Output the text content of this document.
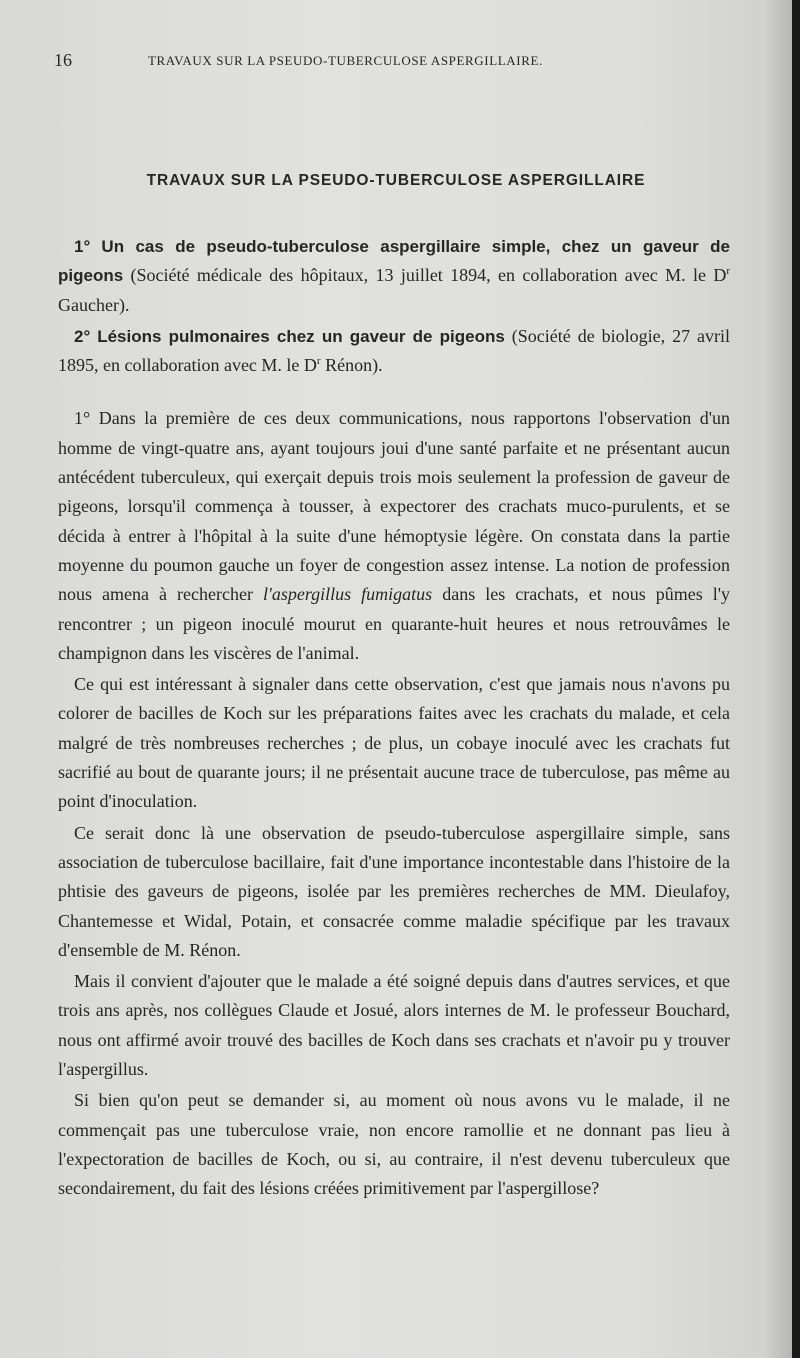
16	TRAVAUX SUR LA PSEUDO-TUBERCULOSE ASPERGILLAIRE.
TRAVAUX SUR LA PSEUDO-TUBERCULOSE ASPERGILLAIRE

1° Un cas de pseudo-tuberculose aspergillaire simple, chez un gaveur de pigeons (Société médicale des hôpitaux, 13 juillet 1894, en collaboration avec M. le $D^r$ Gaucher).

2° Lésions pulmonaires chez un gaveur de pigeons (Société de biologie, 27 avril 1895, en collaboration avec M. le $D^r$ Rénon).

1° Dans la première de ces deux communications, nous rapportons l'observation d'un homme de vingt-quatre ans, ayant toujours joui d'une santé parfaite et ne présentant aucun antécédent tuberculeux, qui exerçait depuis trois mois seulement la profession de gaveur de pigeons, lorsqu'il commença à tousser, à expectorer des crachats muco-purulents, et se décida à entrer à l'hôpital à la suite d'une hémoptysie légère. On constata dans la partie moyenne du poumon gauche un foyer de congestion assez intense. La notion de profession nous amena à rechercher l'aspergillus fumigatus dans les crachats, et nous pûmes l'y rencontrer ; un pigeon inoculé mourut en quarante-huit heures et nous retrouvâmes le champignon dans les viscères de l'animal.

Ce qui est intéressant à signaler dans cette observation, c'est que jamais nous n'avons pu colorer de bacilles de Koch sur les préparations faites avec les crachats du malade, et cela malgré de très nombreuses recherches ; de plus, un cobaye inoculé avec les crachats fut sacrifié au bout de quarante jours; il ne présentait aucune trace de tuberculose, pas même au point d'inoculation.

Ce serait donc là une observation de pseudo-tuberculose aspergillaire simple, sans association de tuberculose bacillaire, fait d'une importance incontestable dans l'histoire de la phtisie des gaveurs de pigeons, isolée par les premières recherches de MM. Dieulafoy, Chantemesse et Widal, Potain, et consacrée comme maladie spécifique par les travaux d'ensemble de M. Rénon.

Mais il convient d'ajouter que le malade a été soigné depuis dans d'autres services, et que trois ans après, nos collègues Claude et Josué, alors internes de M. le professeur Bouchard, nous ont affirmé avoir trouvé des bacilles de Koch dans ses crachats et n'avoir pu y trouver l'aspergillus.

Si bien qu'on peut se demander si, au moment où nous avons vu le malade, il ne commençait pas une tuberculose vraie, non encore ramollie et ne donnant pas lieu à l'expectoration de bacilles de Koch, ou si, au contraire, il n'est devenu tuberculeux que secondairement, du fait des lésions créées primitivement par l'aspergillose?
